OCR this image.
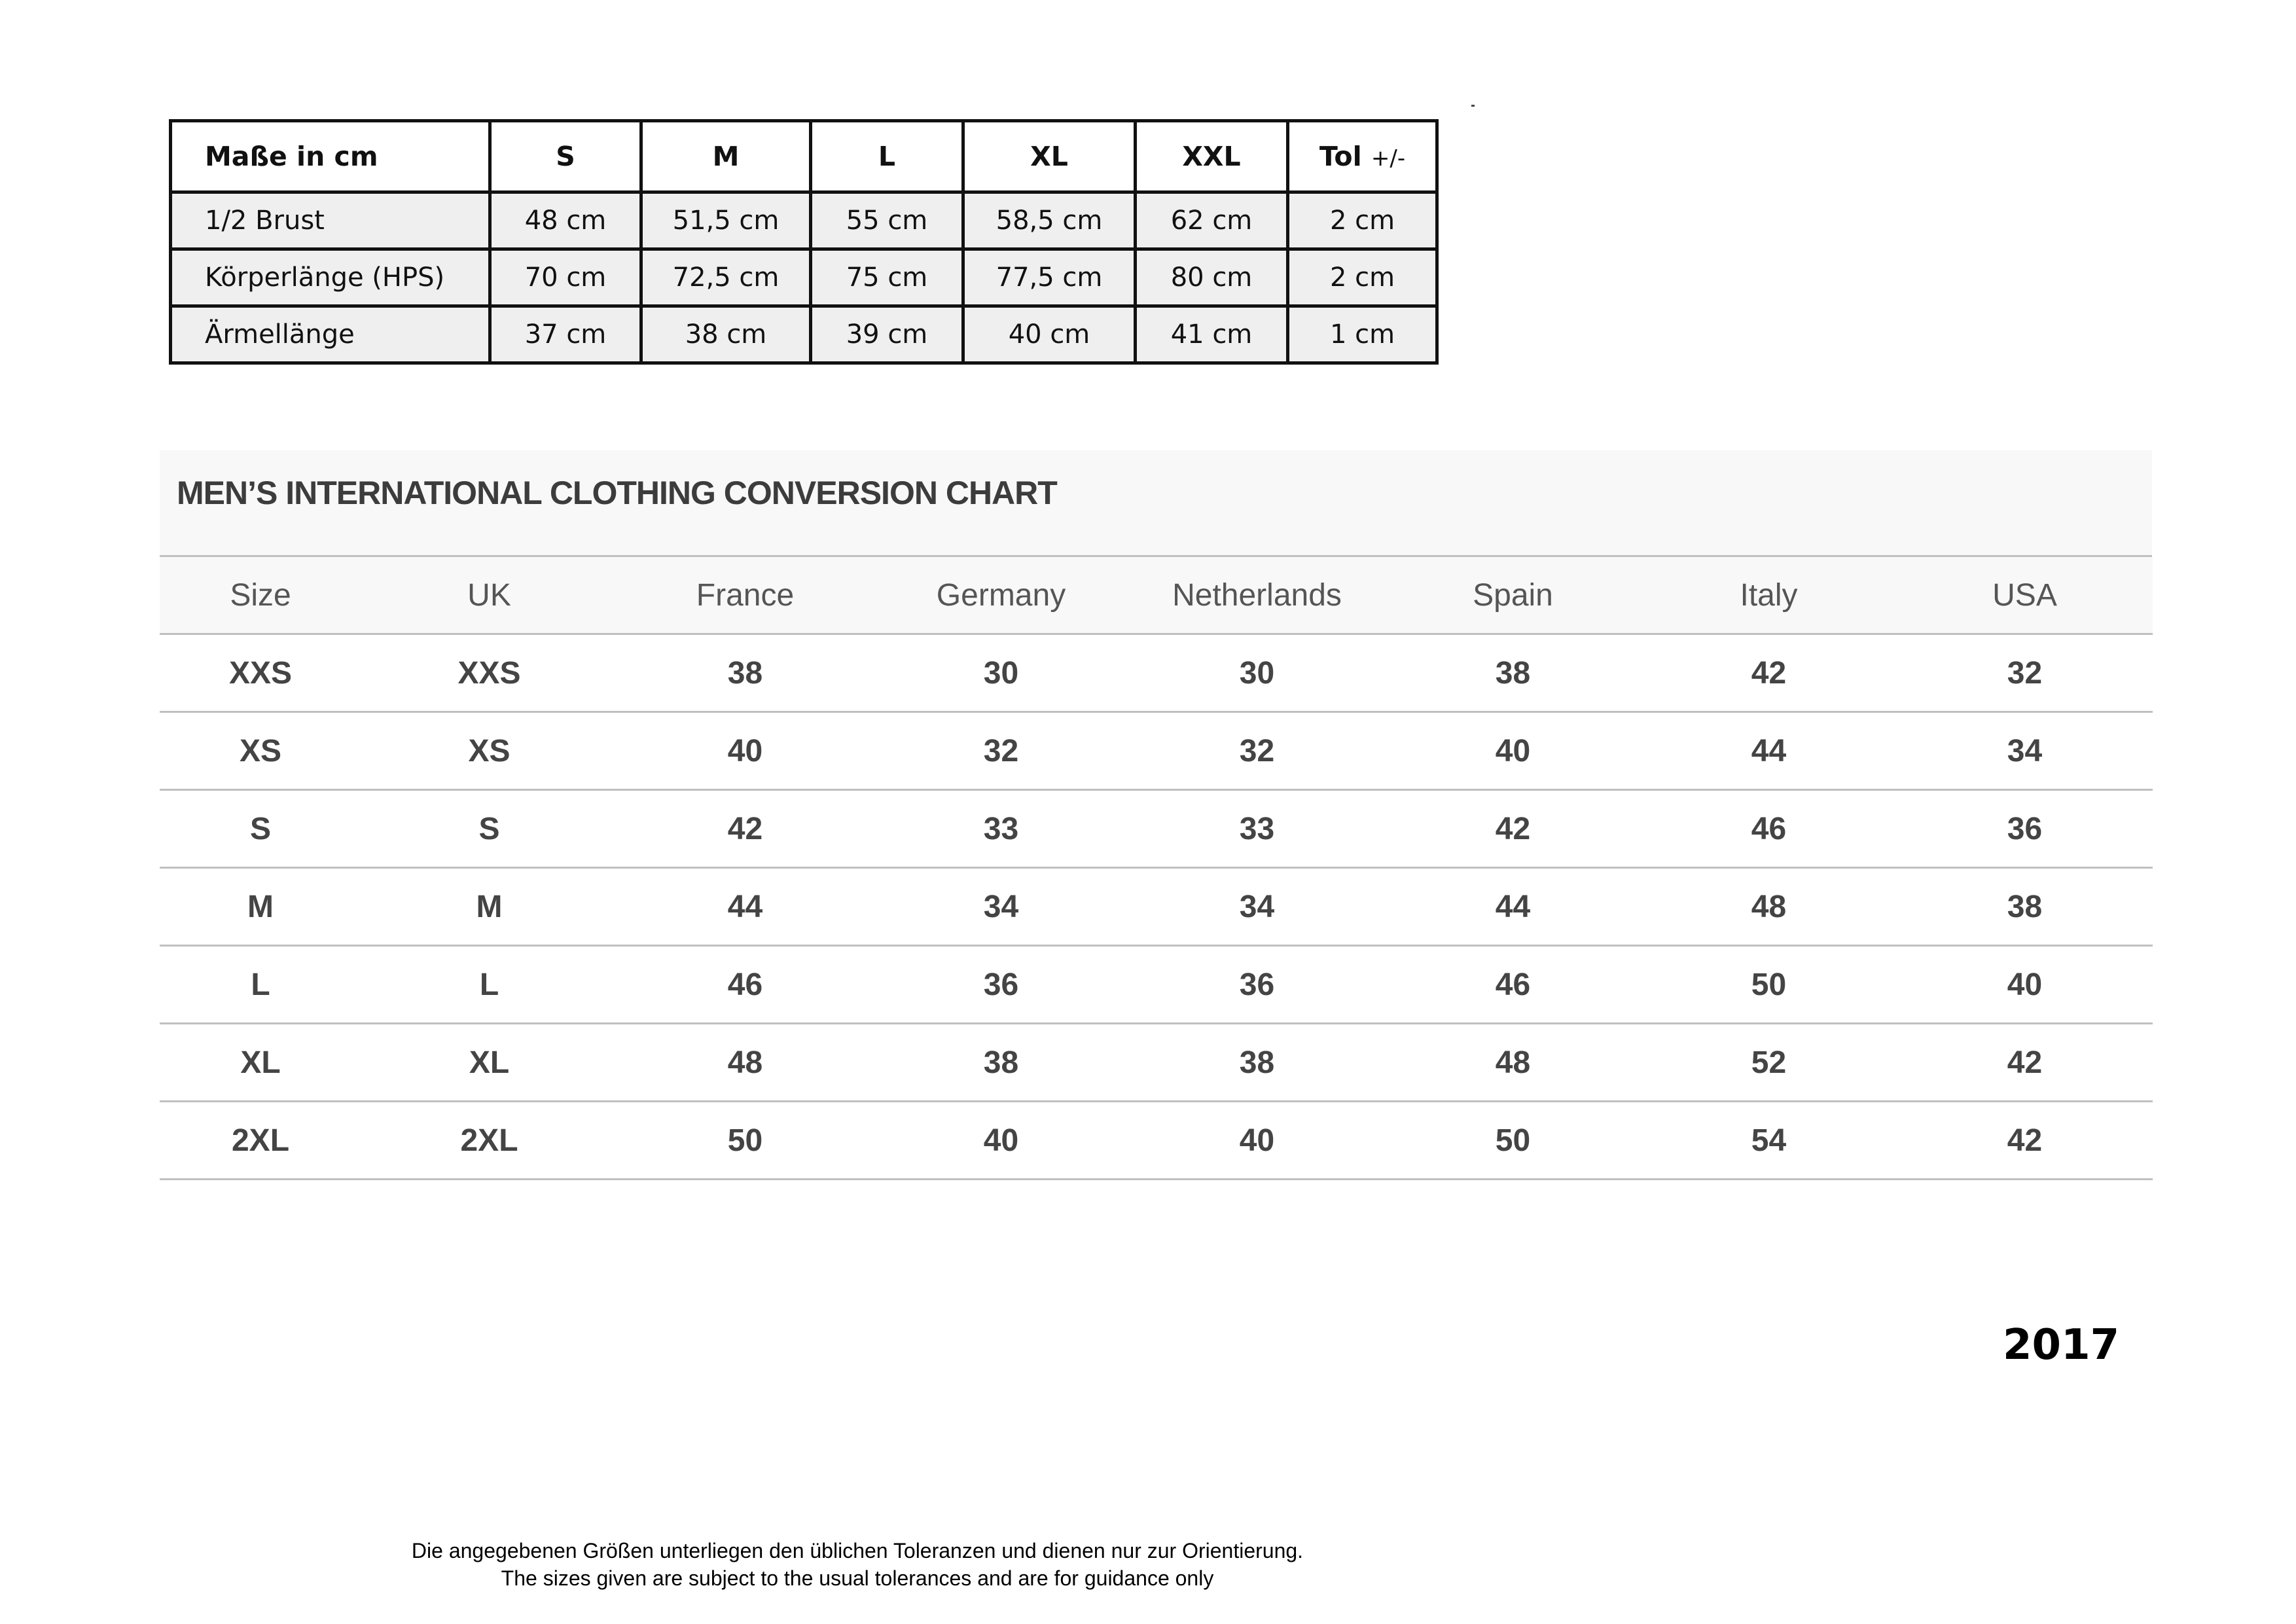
Maße in cm	S	M	L	XL	XXL	Tol +/-
1/2 Brust	48 cm	51,5 cm	55 cm	58,5 cm	62 cm	2 cm
Körperlänge (HPS)	70 cm	72,5 cm	75 cm	77,5 cm	80 cm	2 cm
Ärmellänge	37 cm	38 cm	39 cm	40 cm	41 cm	1 cm
MEN’S INTERNATIONAL CLOTHING CONVERSION CHART
Size	UK	France	Germany	Netherlands	Spain	Italy	USA
XXS	XXS	38	30	30	38	42	32
XS	XS	40	32	32	40	44	34
S	S	42	33	33	42	46	36
M	M	44	34	34	44	48	38
L	L	46	36	36	46	50	40
XL	XL	48	38	38	48	52	42
2XL	2XL	50	40	40	50	54	42
2017
Die angegebenen Größen unterliegen den üblichen Toleranzen und dienen nur zur Orientierung.
The sizes given are subject to the usual tolerances and are for guidance only
